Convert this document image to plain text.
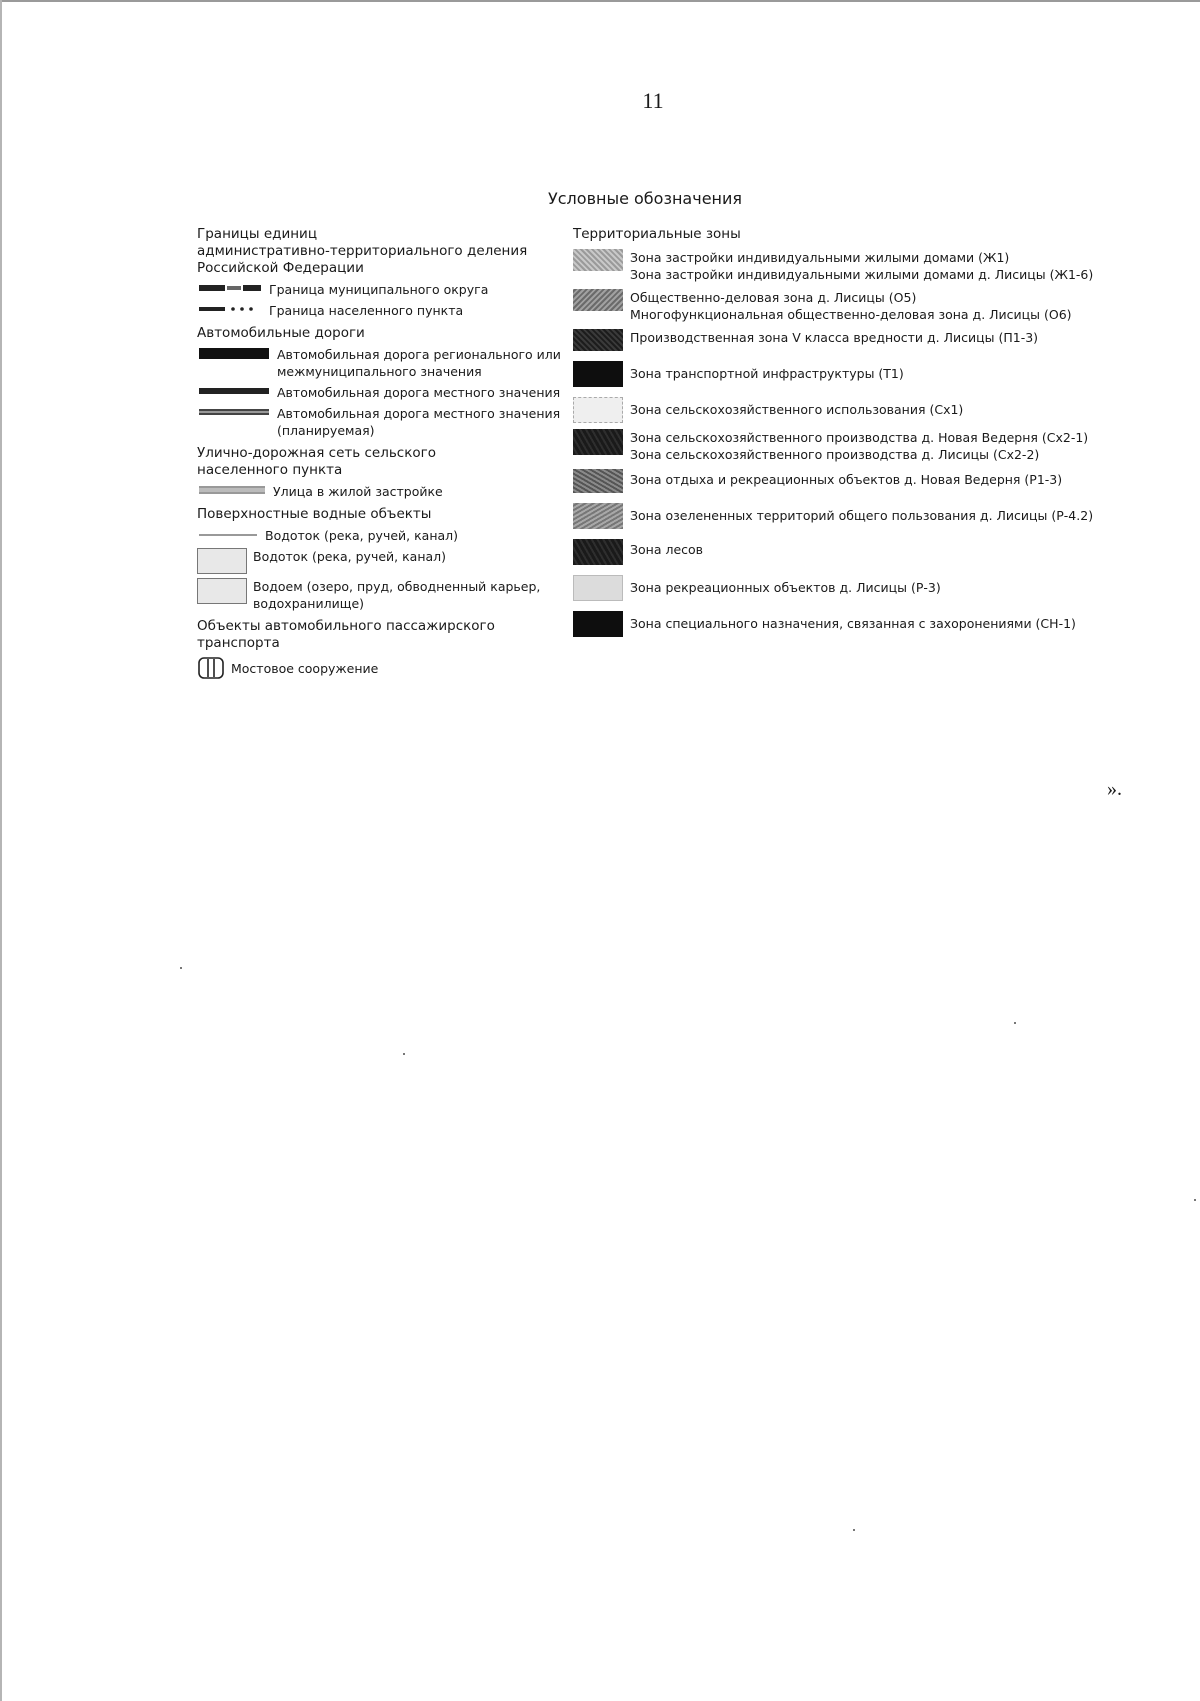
11
Условные обозначения
Границы единиц
административно-территориального деления
Российской Федерации
Граница муниципального округа
Граница населенного пункта
Автомобильные дороги
Автомобильная дорога регионального или
межмуниципального значения
Автомобильная дорога местного значения
Автомобильная дорога местного значения
(планируемая)
Улично-дорожная сеть сельского
населенного пункта
Улица в жилой застройке
Поверхностные водные объекты
Водоток (река, ручей, канал)
Водоток (река, ручей, канал)
Водоем (озеро, пруд, обводненный карьер,
водохранилище)
Объекты автомобильного пассажирского
транспорта
Мостовое сооружение
Территориальные зоны
Зона застройки индивидуальными жилыми домами (Ж1)
Зона застройки индивидуальными жилыми домами д. Лисицы (Ж1-6)
Общественно-деловая зона д. Лисицы (О5)
Многофункциональная общественно-деловая зона д. Лисицы (О6)
Производственная зона V класса вредности д. Лисицы (П1-3)
Зона транспортной инфраструктуры (Т1)
Зона сельскохозяйственного использования (Сх1)
Зона сельскохозяйственного производства д. Новая Ведерня (Сх2-1)
Зона сельскохозяйственного производства д. Лисицы (Сх2-2)
Зона отдыха и рекреационных объектов д. Новая Ведерня (Р1-3)
Зона озелененных территорий общего пользования д. Лисицы (Р-4.2)
Зона лесов
Зона рекреационных объектов д. Лисицы (Р-3)
Зона специального назначения, связанная с захоронениями (СН-1)
».
